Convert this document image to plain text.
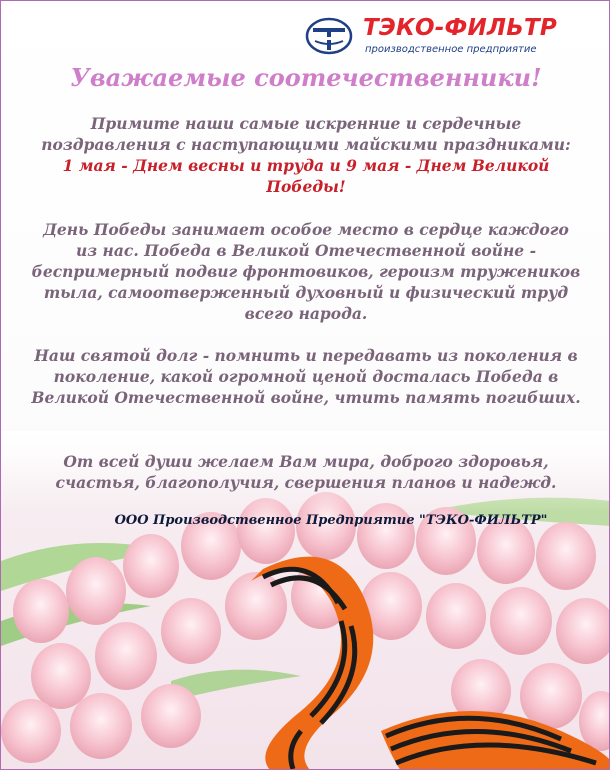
ТЭКО-ФИЛЬТР
производственное предприятие
Уважаемые соотечественники!
Примите наши самые искренние и сердечные поздравления с наступающими майскими праздниками:
1 мая - Днем весны и труда и 9 мая - Днем Великой Победы!
День Победы занимает особое место в сердце каждого из нас. Победа в Великой Отечественной войне - беспримерный подвиг фронтовиков, героизм тружеников тыла, самоотверженный духовный и физический труд всего народа.
Наш святой долг - помнить и передавать из поколения в поколение, какой огромной ценой досталась Победа в Великой Отечественной войне, чтить память погибших.
От всей души желаем Вам мира, доброго здоровья, счастья, благополучия, свершения планов и надежд.
ООО Производственное Предприятие "ТЭКО-ФИЛЬТР"
